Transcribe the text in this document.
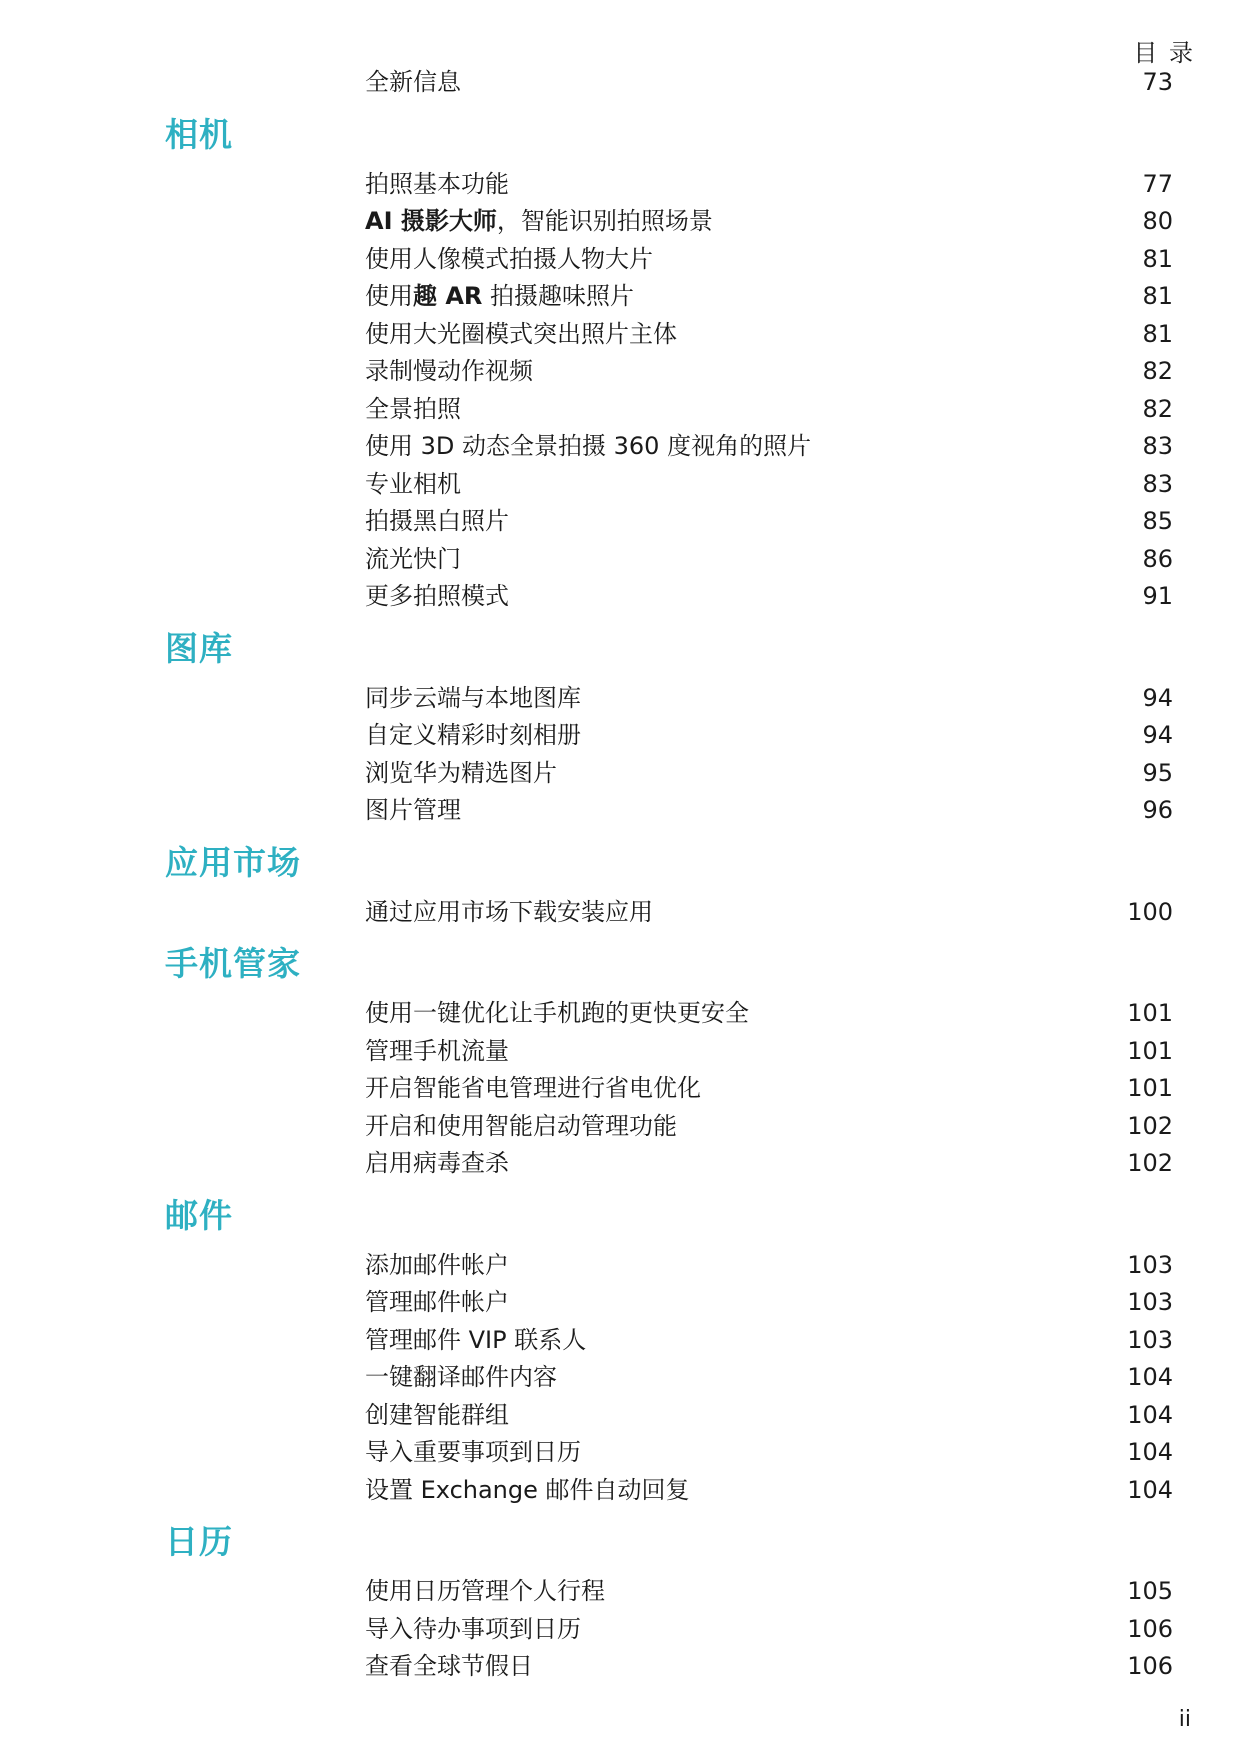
目 录
全新信息	73
相机
拍照基本功能	77
AI 摄影大师，智能识别拍照场景	80
使用人像模式拍摄人物大片	81
使用趣 AR 拍摄趣味照片	81
使用大光圈模式突出照片主体	81
录制慢动作视频	82
全景拍照	82
使用 3D 动态全景拍摄 360 度视角的照片	83
专业相机	83
拍摄黑白照片	85
流光快门	86
更多拍照模式	91
图库
同步云端与本地图库	94
自定义精彩时刻相册	94
浏览华为精选图片	95
图片管理	96
应用市场
通过应用市场下载安装应用	100
手机管家
使用一键优化让手机跑的更快更安全	101
管理手机流量	101
开启智能省电管理进行省电优化	101
开启和使用智能启动管理功能	102
启用病毒查杀	102
邮件
添加邮件帐户	103
管理邮件帐户	103
管理邮件 VIP 联系人	103
一键翻译邮件内容	104
创建智能群组	104
导入重要事项到日历	104
设置 Exchange 邮件自动回复	104
日历
使用日历管理个人行程	105
导入待办事项到日历	106
查看全球节假日	106
ii
